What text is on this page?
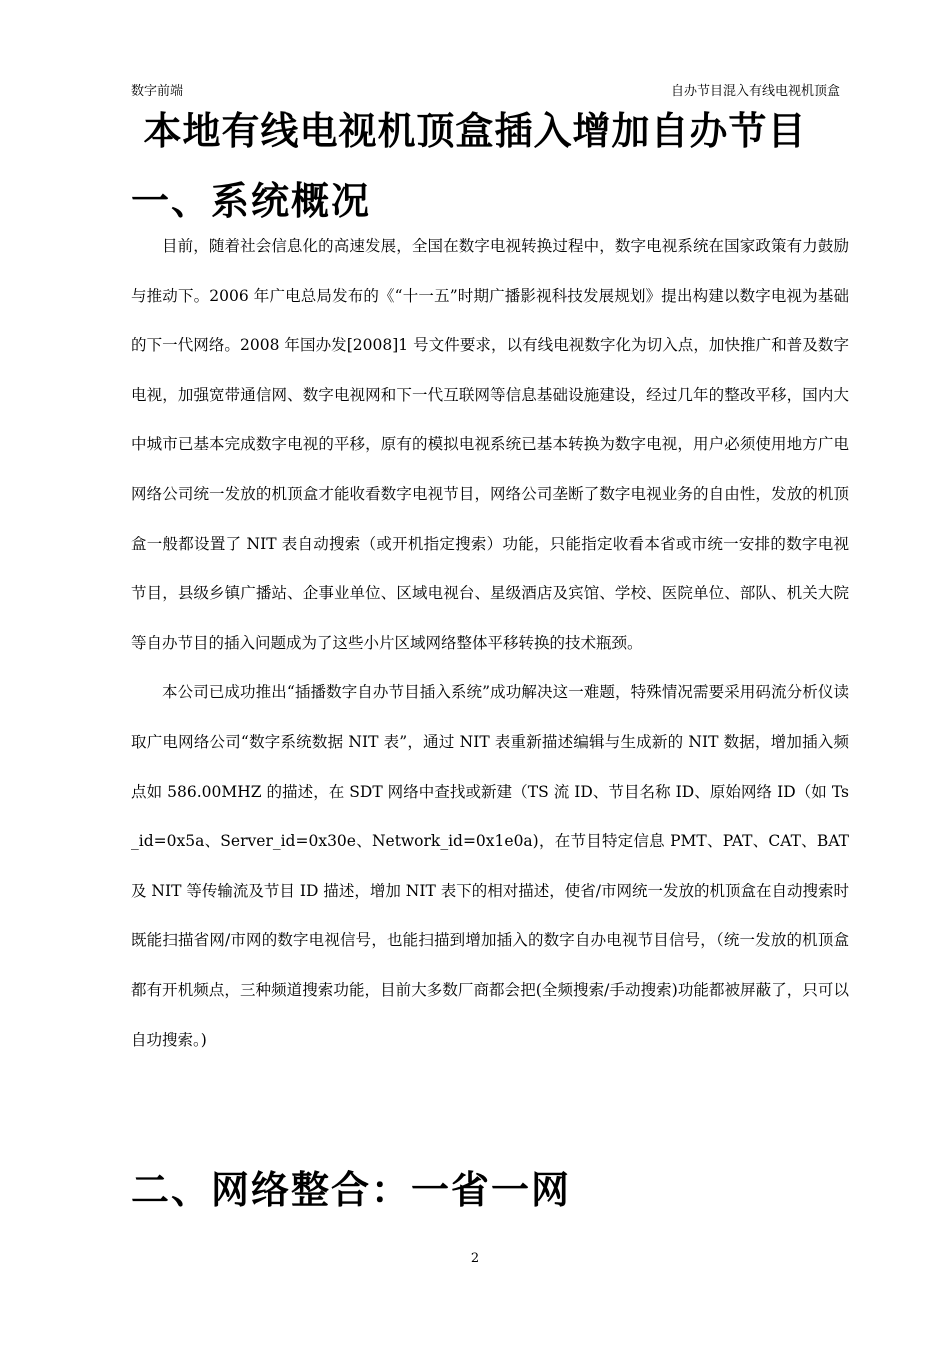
数字前端	自办节目混入有线电视机顶盒
本地有线电视机顶盒插入增加自办节目
一、系统概况

目前，随着社会信息化的高速发展，全国在数字电视转换过程中，数字电视系统在国家政策有力鼓励与推动下。2006 年广电总局发布的《“十一五”时期广播影视科技发展规划》提出构建以数字电视为基础的下一代网络。2008 年国办发[2008]1 号文件要求，以有线电视数字化为切入点，加快推广和普及数字电视，加强宽带通信网、数字电视网和下一代互联网等信息基础设施建设，经过几年的整改平移，国内大中城市已基本完成数字电视的平移，原有的模拟电视系统已基本转换为数字电视，用户必须使用地方广电网络公司统一发放的机顶盒才能收看数字电视节目，网络公司垄断了数字电视业务的自由性，发放的机顶盒一般都设置了 NIT 表自动搜索（或开机指定搜索）功能，只能指定收看本省或市统一安排的数字电视节目，县级乡镇广播站、企事业单位、区域电视台、星级酒店及宾馆、学校、医院单位、部队、机关大院等自办节目的插入问题成为了这些小片区域网络整体平移转换的技术瓶颈。

本公司已成功推出“插播数字自办节目插入系统”成功解决这一难题，特殊情况需要采用码流分析仪读取广电网络公司“数字系统数据 NIT 表”，通过 NIT 表重新描述编辑与生成新的 NIT 数据，增加插入频点如 586.00MHZ 的描述，在 SDT 网络中查找或新建（TS 流 ID、节目名称 ID、原始网络 ID（如 Ts_id=0x5a、Server_id=0x30e、Network_id=0x1e0a)，在节目特定信息 PMT、PAT、CAT、BAT 及 NIT 等传输流及节目 ID 描述，增加 NIT 表下的相对描述，使省/市网统一发放的机顶盒在自动搜索时既能扫描省网/市网的数字电视信号，也能扫描到增加插入的数字自办电视节目信号，（统一发放的机顶盒都有开机频点，三种频道搜索功能，目前大多数厂商都会把(全频搜索/手动搜索)功能都被屏蔽了，只可以自功搜索。)

二、网络整合：一省一网
2
